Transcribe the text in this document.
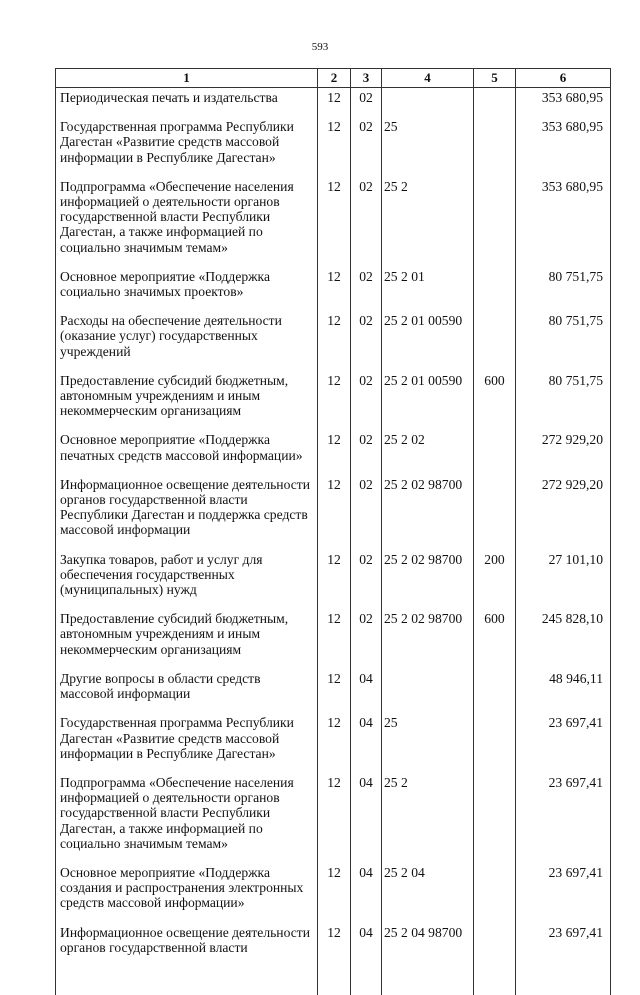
593
1	2	3	4	5	6
Периодическая печать и издательства	12	02			353 680,95
Государственная программа Республики Дагестан «Развитие средств массовой информации в Республике Дагестан»	12	02	25		353 680,95
Подпрограмма «Обеспечение населения информацией о деятельности органов государственной власти Республики Дагестан, а также информацией по социально значимым темам»	12	02	25 2		353 680,95
Основное мероприятие «Поддержка социально значимых проектов»	12	02	25 2 01		80 751,75
Расходы на обеспечение деятельности (оказание услуг) государственных учреждений	12	02	25 2 01 00590		80 751,75
Предоставление субсидий бюджетным, автономным учреждениям и иным некоммерческим организациям	12	02	25 2 01 00590	600	80 751,75
Основное мероприятие «Поддержка печатных средств массовой информации»	12	02	25 2 02		272 929,20
Информационное освещение деятельности органов государственной власти Республики Дагестан и поддержка средств массовой информации	12	02	25 2 02 98700		272 929,20
Закупка товаров, работ и услуг для обеспечения государственных (муниципальных) нужд	12	02	25 2 02 98700	200	27 101,10
Предоставление субсидий бюджетным, автономным учреждениям и иным некоммерческим организациям	12	02	25 2 02 98700	600	245 828,10
Другие вопросы в области средств массовой информации	12	04			48 946,11
Государственная программа Республики Дагестан «Развитие средств массовой информации в Республике Дагестан»	12	04	25		23 697,41
Подпрограмма «Обеспечение населения информацией о деятельности органов государственной власти Республики Дагестан, а также информацией по социально значимым темам»	12	04	25 2		23 697,41
Основное мероприятие «Поддержка создания и распространения электронных средств массовой информации»	12	04	25 2 04		23 697,41
Информационное освещение деятельности органов государственной власти	12	04	25 2 04 98700		23 697,41
